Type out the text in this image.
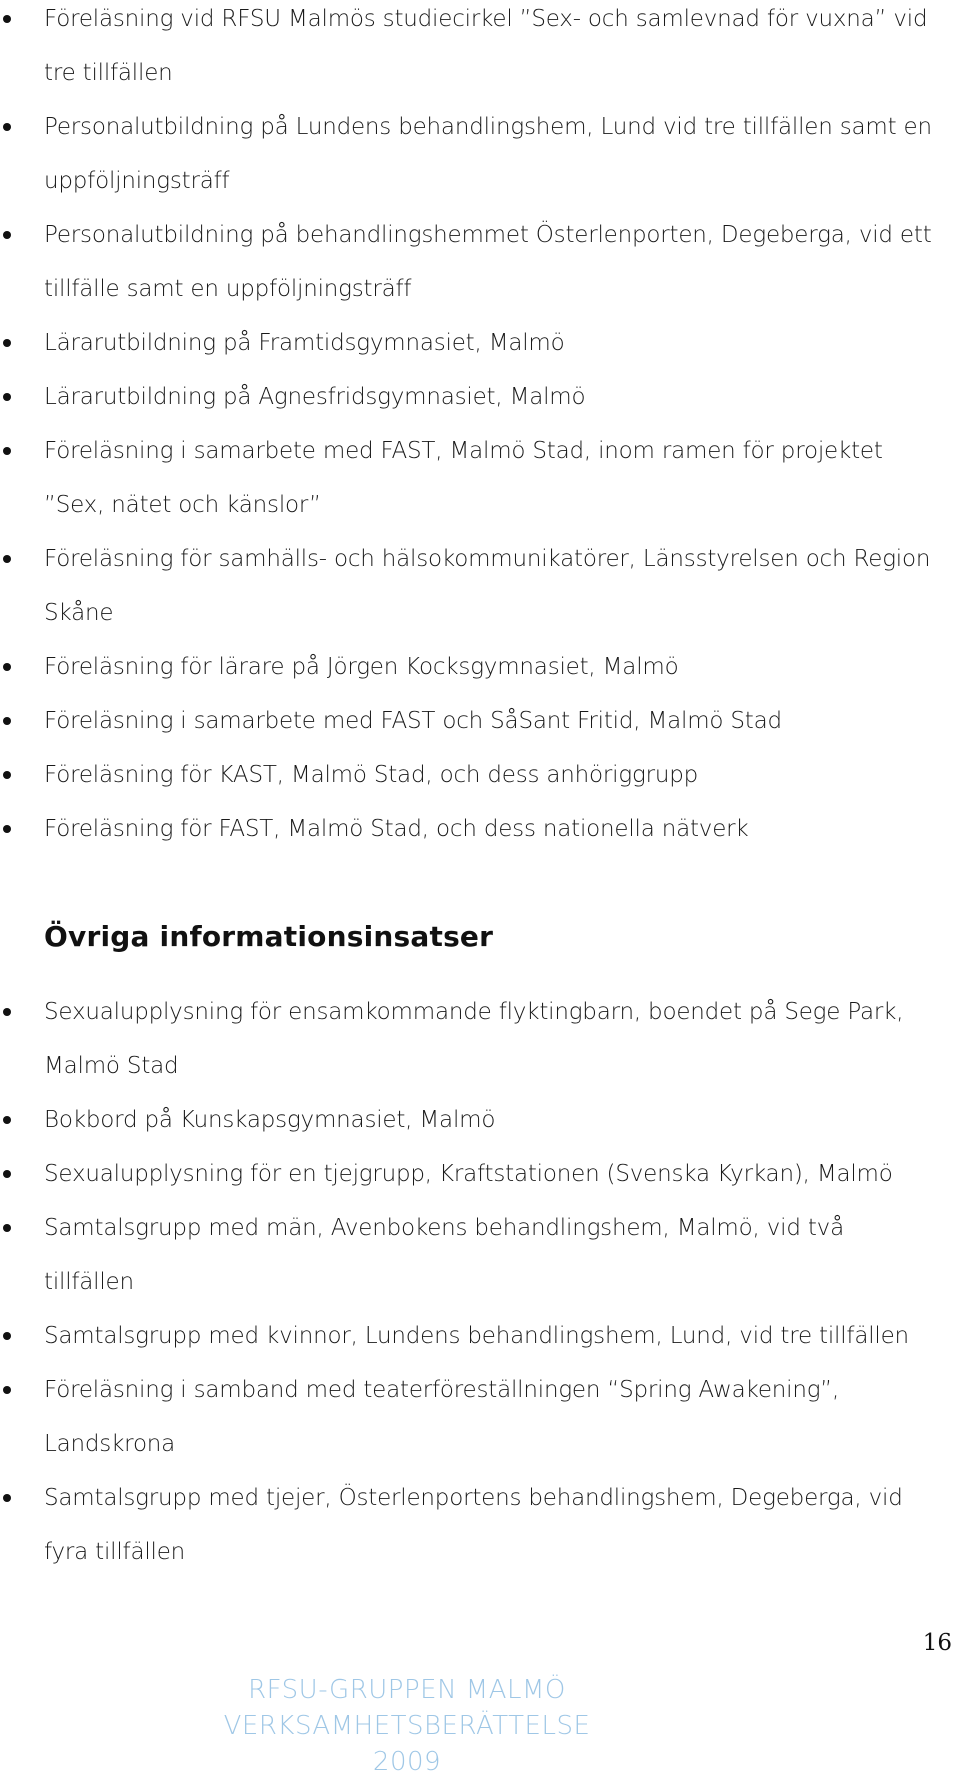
Föreläsning vid RFSU Malmös studiecirkel ”Sex- och samlevnad för vuxna” vid tre tillfällen
Personalutbildning på Lundens behandlingshem, Lund vid tre tillfällen samt en uppföljningsträff
Personalutbildning på behandlingshemmet Österlenporten, Degeberga, vid ett tillfälle samt en uppföljningsträff
Lärarutbildning på Framtidsgymnasiet, Malmö
Lärarutbildning på Agnesfridsgymnasiet, Malmö
Föreläsning i samarbete med FAST, Malmö Stad, inom ramen för projektet ”Sex, nätet och känslor”
Föreläsning för samhälls- och hälsokommunikatörer, Länsstyrelsen och Region Skåne
Föreläsning för lärare på Jörgen Kocksgymnasiet, Malmö
Föreläsning i samarbete med FAST och SåSant Fritid, Malmö Stad
Föreläsning för KAST, Malmö Stad, och dess anhöriggrupp
Föreläsning för FAST, Malmö Stad, och dess nationella nätverk
Övriga informationsinsatser
Sexualupplysning för ensamkommande flyktingbarn, boendet på Sege Park, Malmö Stad
Bokbord på Kunskapsgymnasiet, Malmö
Sexualupplysning för en tjejgrupp, Kraftstationen (Svenska Kyrkan), Malmö
Samtalsgrupp med män, Avenbokens behandlingshem, Malmö, vid två tillfällen
Samtalsgrupp med kvinnor, Lundens behandlingshem, Lund, vid tre tillfällen
Föreläsning i samband med teaterföreställningen “Spring Awakening”, Landskrona
Samtalsgrupp med tjejer, Österlenportens behandlingshem, Degeberga, vid fyra tillfällen
16
RFSU-GRUPPEN MALMÖ
VERKSAMHETSBERÄTTELSE
2009
